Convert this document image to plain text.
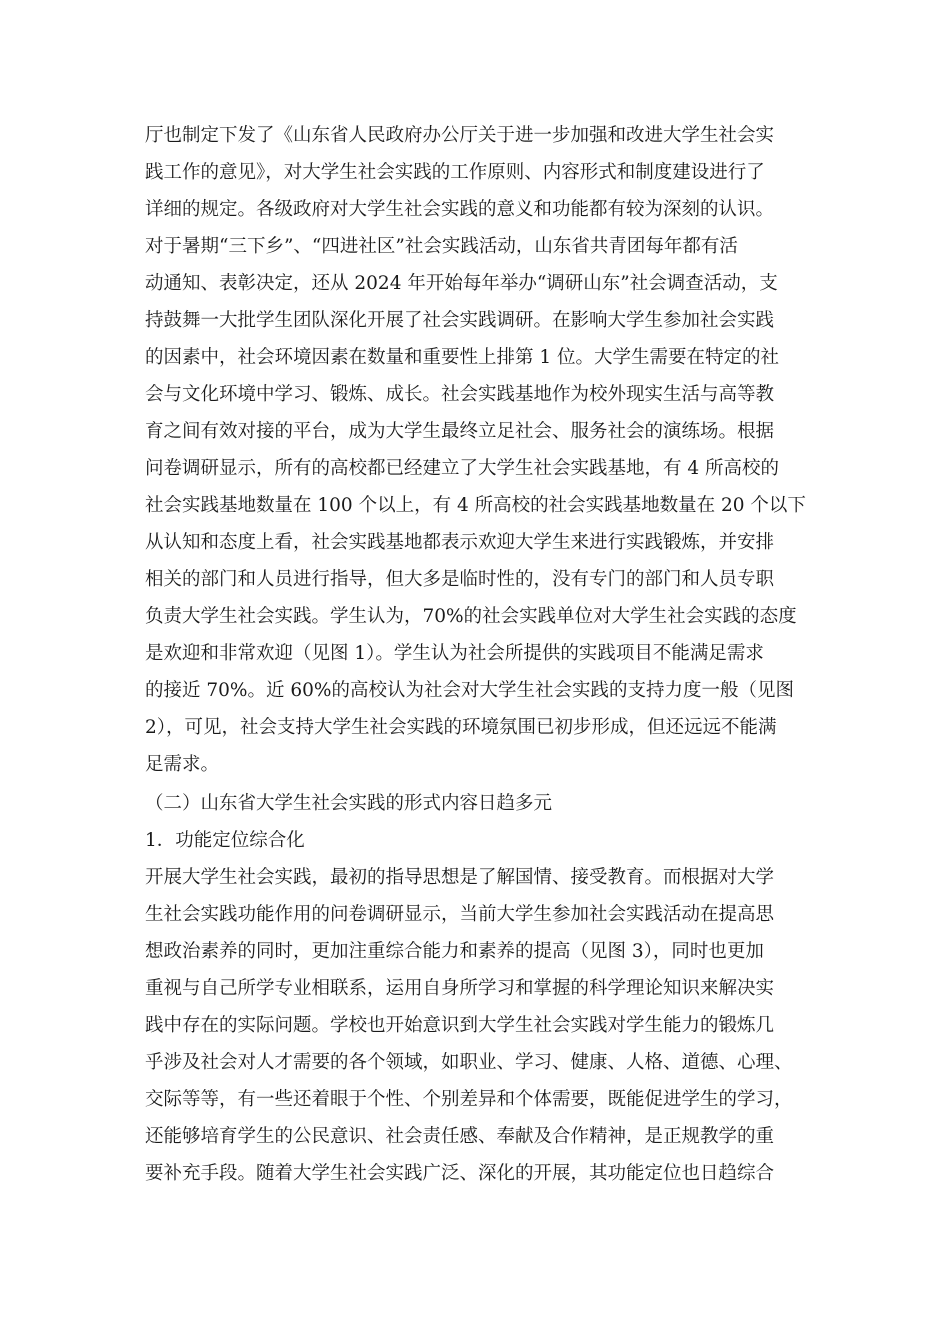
厅也制定下发了《山东省人民政府办公厅关于进一步加强和改进大学生社会实
践工作的意见》，对大学生社会实践的工作原则、内容形式和制度建设进行了
详细的规定。各级政府对大学生社会实践的意义和功能都有较为深刻的认识。
对于暑期“三下乡”、“四进社区”社会实践活动，山东省共青团每年都有活
动通知、表彰决定，还从 2024 年开始每年举办“调研山东”社会调查活动，支
持鼓舞一大批学生团队深化开展了社会实践调研。在影响大学生参加社会实践
的因素中，社会环境因素在数量和重要性上排第 1 位。大学生需要在特定的社
会与文化环境中学习、锻炼、成长。社会实践基地作为校外现实生活与高等教
育之间有效对接的平台，成为大学生最终立足社会、服务社会的演练场。根据
问卷调研显示，所有的高校都已经建立了大学生社会实践基地，有 4 所高校的
社会实践基地数量在 100 个以上，有 4 所高校的社会实践基地数量在 20 个以下
从认知和态度上看，社会实践基地都表示欢迎大学生来进行实践锻炼，并安排
相关的部门和人员进行指导，但大多是临时性的，没有专门的部门和人员专职
负责大学生社会实践。学生认为，70%的社会实践单位对大学生社会实践的态度
是欢迎和非常欢迎（见图 1）。学生认为社会所提供的实践项目不能满足需求
的接近 70%。近 60%的高校认为社会对大学生社会实践的支持力度一般（见图
2），可见，社会支持大学生社会实践的环境氛围已初步形成，但还远远不能满
足需求。
（二）山东省大学生社会实践的形式内容日趋多元
1．功能定位综合化
开展大学生社会实践，最初的指导思想是了解国情、接受教育。而根据对大学
生社会实践功能作用的问卷调研显示，当前大学生参加社会实践活动在提高思
想政治素养的同时，更加注重综合能力和素养的提高（见图 3），同时也更加
重视与自己所学专业相联系，运用自身所学习和掌握的科学理论知识来解决实
践中存在的实际问题。学校也开始意识到大学生社会实践对学生能力的锻炼几
乎涉及社会对人才需要的各个领域，如职业、学习、健康、人格、道德、心理、
交际等等，有一些还着眼于个性、个别差异和个体需要，既能促进学生的学习，
还能够培育学生的公民意识、社会责任感、奉献及合作精神，是正规教学的重
要补充手段。随着大学生社会实践广泛、深化的开展，其功能定位也日趋综合
